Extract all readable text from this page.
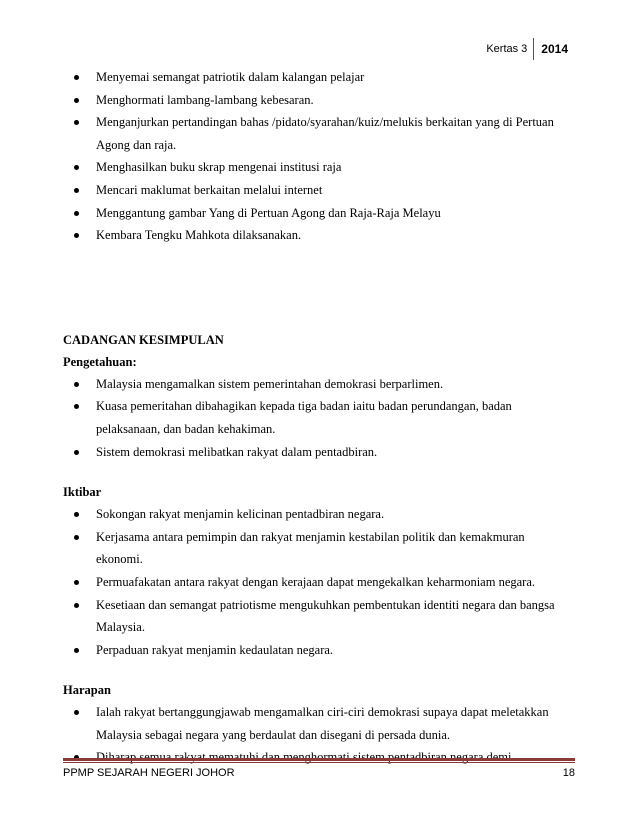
Kertas 3	2014
Menyemai semangat patriotik dalam kalangan pelajar
Menghormati lambang-lambang kebesaran.
Menganjurkan pertandingan bahas /pidato/syarahan/kuiz/melukis berkaitan yang di Pertuan Agong dan raja.
Menghasilkan buku skrap mengenai institusi raja
Mencari maklumat berkaitan melalui internet
Menggantung gambar Yang di Pertuan Agong dan Raja-Raja Melayu
Kembara Tengku Mahkota dilaksanakan.
CADANGAN KESIMPULAN
Pengetahuan:
Malaysia mengamalkan sistem pemerintahan demokrasi berparlimen.
Kuasa pemeritahan dibahagikan kepada tiga badan iaitu badan perundangan, badan pelaksanaan, dan badan kehakiman.
Sistem demokrasi melibatkan rakyat dalam pentadbiran.
Iktibar
Sokongan rakyat menjamin kelicinan pentadbiran negara.
Kerjasama antara pemimpin dan rakyat menjamin kestabilan politik dan kemakmuran ekonomi.
Permuafakatan antara rakyat dengan kerajaan dapat mengekalkan keharmoniam negara.
Kesetiaan dan semangat patriotisme mengukuhkan pembentukan identiti negara dan bangsa Malaysia.
Perpaduan rakyat menjamin kedaulatan negara.
Harapan
Ialah rakyat bertanggungjawab mengamalkan ciri-ciri demokrasi supaya dapat meletakkan Malaysia sebagai negara yang berdaulat dan disegani di persada dunia.
PPMP SEJARAH NEGERI JOHOR	18
